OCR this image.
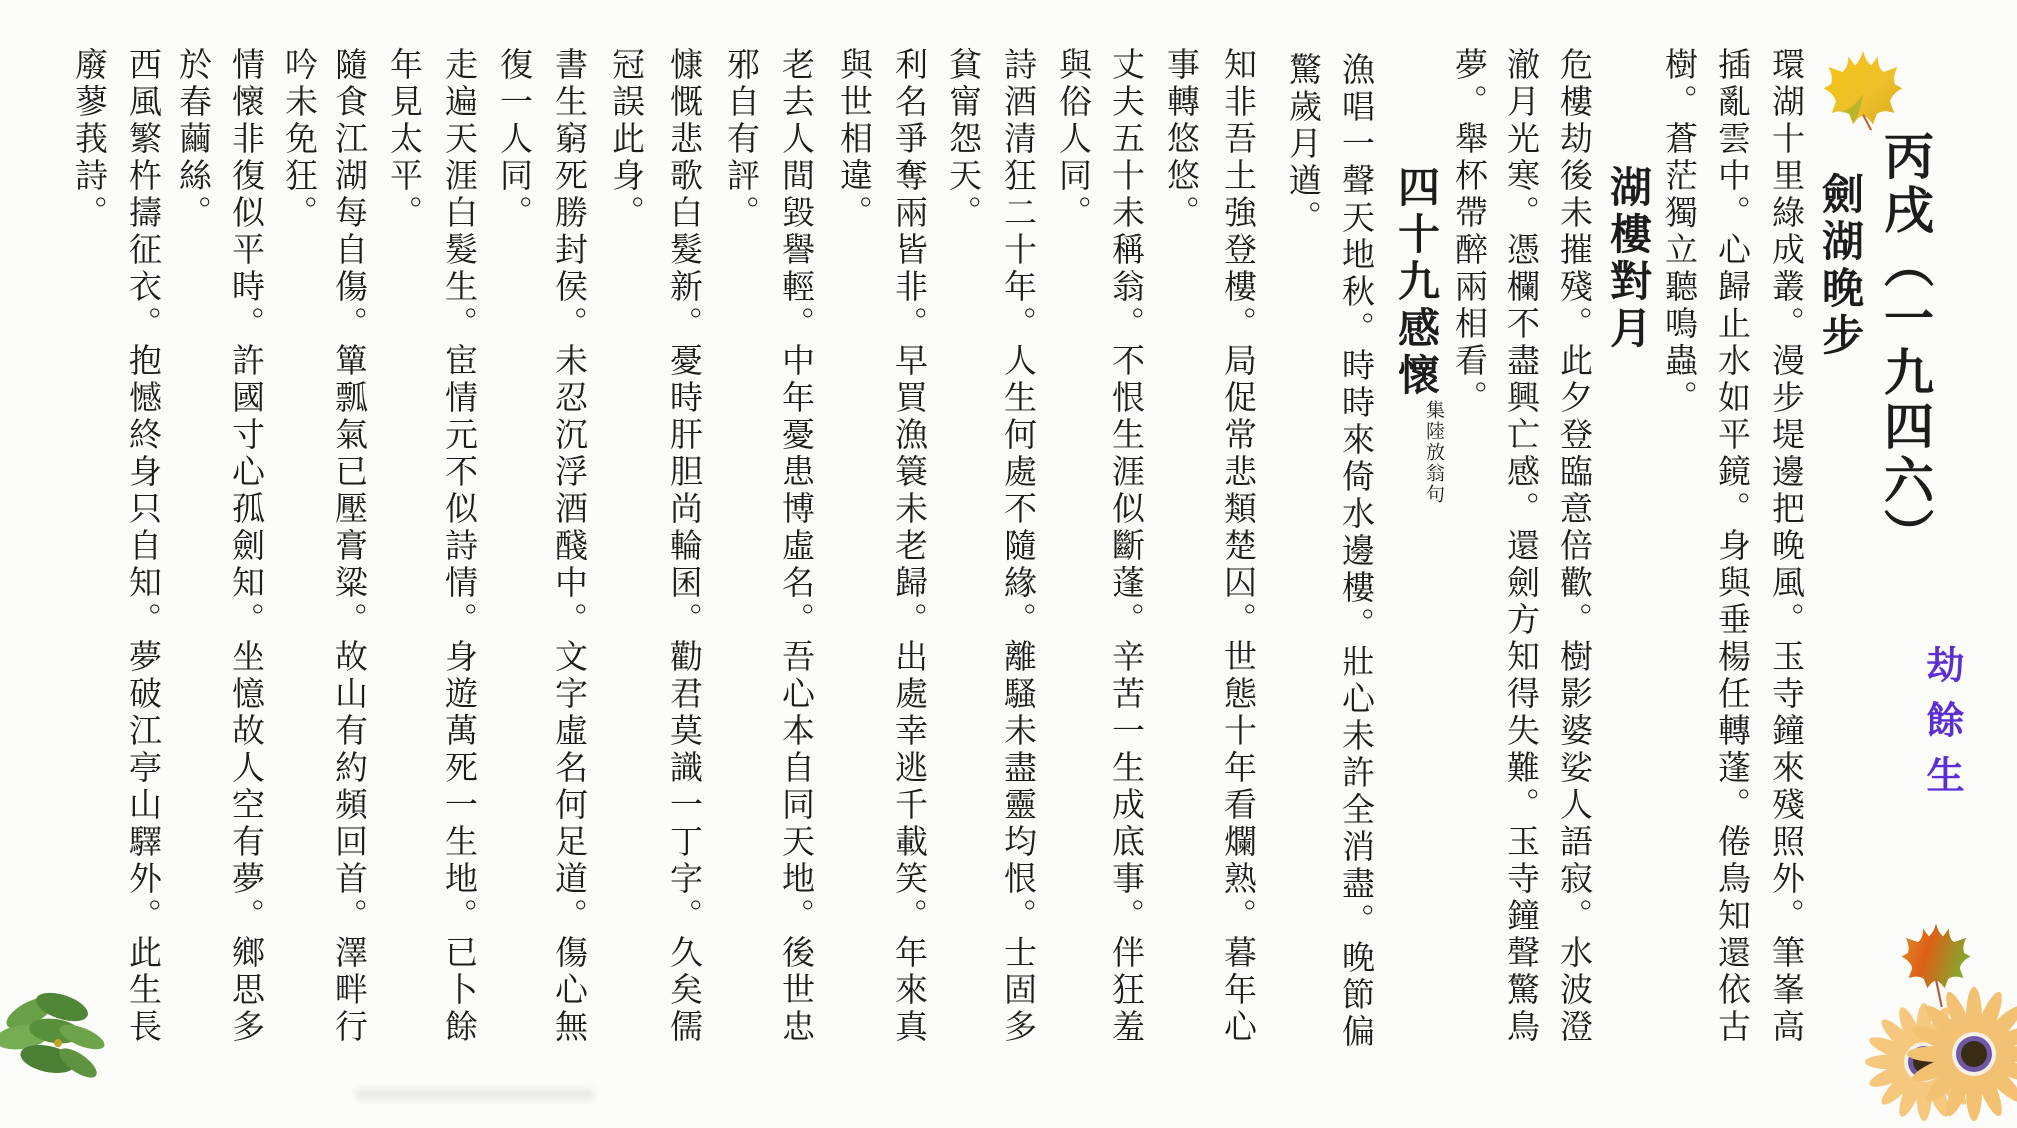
丙戌（一九四六）
劫餘生
劍湖晚步
環湖十里綠成叢。漫步堤邊把晚風。玉寺鐘來殘照外。筆峯高
插亂雲中。心歸止水如平鏡。身與垂楊任轉蓬。倦鳥知還依古
樹。蒼茫獨立聽鳴蟲。
湖樓對月
危樓劫後未摧殘。此夕登臨意倍歡。樹影婆娑人語寂。水波澄
澈月光寒。憑欄不盡興亡感。還劍方知得失難。玉寺鐘聲驚鳥
夢。舉杯帶醉兩相看。
四十九感懷
集陸放翁句
漁唱一聲天地秋。時時來倚水邊樓。壯心未許全消盡。晚節偏
驚歲月遒。
知非吾土強登樓。局促常悲類楚囚。世態十年看爛熟。暮年心
事轉悠悠。
丈夫五十未稱翁。不恨生涯似斷蓬。辛苦一生成底事。伴狂羞
與俗人同。
詩酒清狂二十年。人生何處不隨緣。離騷未盡靈均恨。士固多
貧甯怨天。
利名爭奪兩皆非。早買漁簑未老歸。出處幸逃千載笑。年來真
與世相違。
老去人間毀譽輕。中年憂患博虛名。吾心本自同天地。後世忠
邪自有評。
慷慨悲歌白髮新。憂時肝胆尚輪囷。勸君莫識一丁字。久矣儒
冠誤此身。
書生窮死勝封侯。未忍沉浮酒醆中。文字虛名何足道。傷心無
復一人同。
走遍天涯白髮生。宦情元不似詩情。身遊萬死一生地。已卜餘
年見太平。
隨食江湖每自傷。簞瓢氣已壓膏粱。故山有約頻回首。澤畔行
吟未免狂。
情懷非復似平時。許國寸心孤劍知。坐憶故人空有夢。鄉思多
於春繭絲。
西風繁杵擣征衣。抱憾終身只自知。夢破江亭山驛外。此生長
廢蓼莪詩。
